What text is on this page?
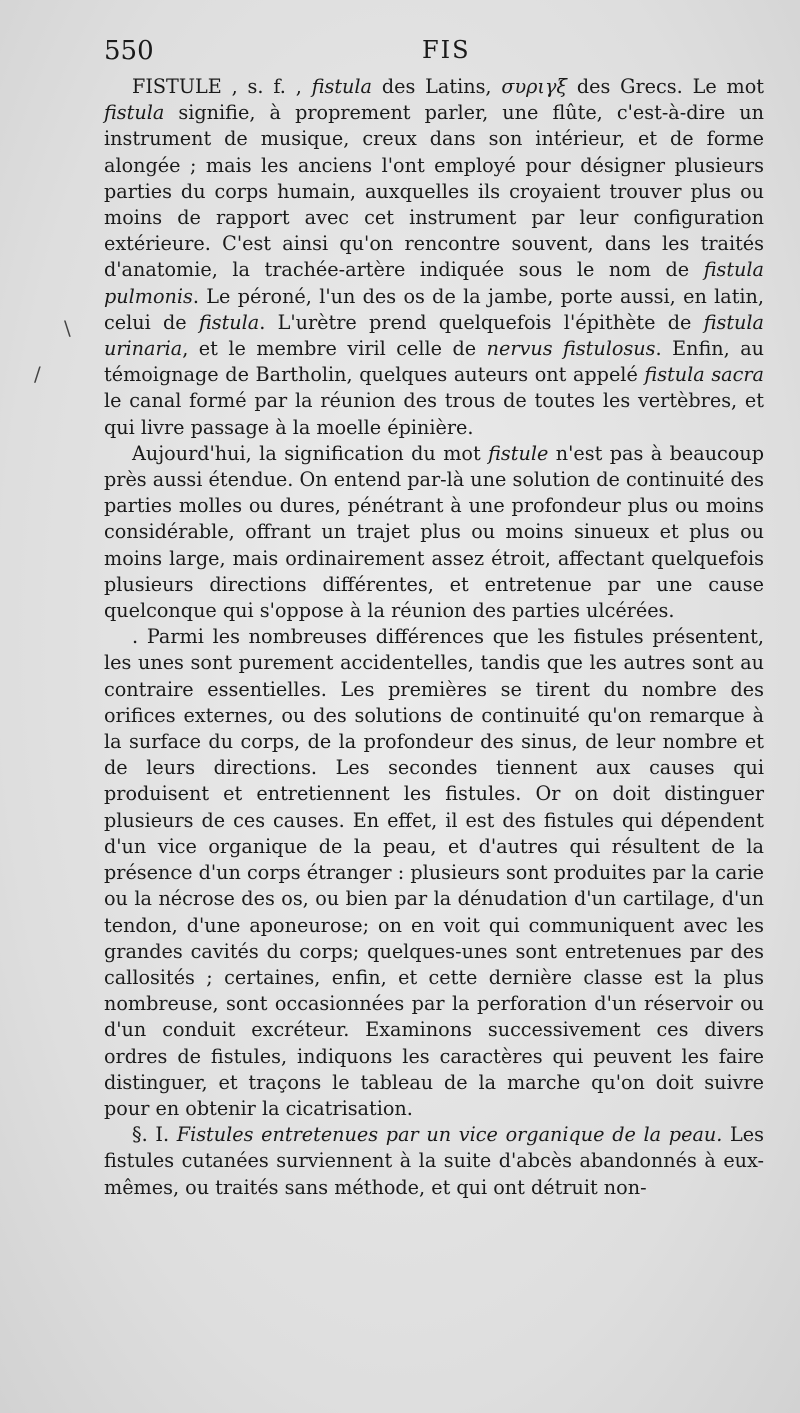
550	FIS
\
/

FISTULE , s. f. , fistula des Latins, συριγξ des Grecs. Le mot fistula signifie, à proprement parler, une flûte, c'est-à-dire un instrument de musique, creux dans son intérieur, et de forme alongée ; mais les anciens l'ont employé pour désigner plusieurs parties du corps humain, auxquelles ils croyaient trouver plus ou moins de rapport avec cet instrument par leur configuration extérieure. C'est ainsi qu'on rencontre souvent, dans les traités d'anatomie, la trachée-artère indiquée sous le nom de fistula pulmonis. Le péroné, l'un des os de la jambe, porte aussi, en latin, celui de fistula. L'urètre prend quelquefois l'épithète de fistula urinaria, et le membre viril celle de nervus fistulosus. Enfin, au témoignage de Bartholin, quelques auteurs ont appelé fistula sacra le canal formé par la réunion des trous de toutes les vertèbres, et qui livre passage à la moelle épinière.

Aujourd'hui, la signification du mot fistule n'est pas à beaucoup près aussi étendue. On entend par-là une solution de continuité des parties molles ou dures, pénétrant à une profondeur plus ou moins considérable, offrant un trajet plus ou moins sinueux et plus ou moins large, mais ordinairement assez étroit, affectant quelquefois plusieurs directions différentes, et entretenue par une cause quelconque qui s'oppose à la réunion des parties ulcérées.

. Parmi les nombreuses différences que les fistules présentent, les unes sont purement accidentelles, tandis que les autres sont au contraire essentielles. Les premières se tirent du nombre des orifices externes, ou des solutions de continuité qu'on remarque à la surface du corps, de la profondeur des sinus, de leur nombre et de leurs directions. Les secondes tiennent aux causes qui produisent et entretiennent les fistules. Or on doit distinguer plusieurs de ces causes. En effet, il est des fistules qui dépendent d'un vice organique de la peau, et d'autres qui résultent de la présence d'un corps étranger : plusieurs sont produites par la carie ou la nécrose des os, ou bien par la dénudation d'un cartilage, d'un tendon, d'une aponeurose; on en voit qui communiquent avec les grandes cavités du corps; quelques-unes sont entretenues par des callosités ; certaines, enfin, et cette dernière classe est la plus nombreuse, sont occasionnées par la perforation d'un réservoir ou d'un conduit excréteur. Examinons successivement ces divers ordres de fistules, indiquons les caractères qui peuvent les faire distinguer, et traçons le tableau de la marche qu'on doit suivre pour en obtenir la cicatrisation.

§. I. Fistules entretenues par un vice organique de la peau. Les fistules cutanées surviennent à la suite d'abcès abandonnés à eux-mêmes, ou traités sans méthode, et qui ont détruit non-
